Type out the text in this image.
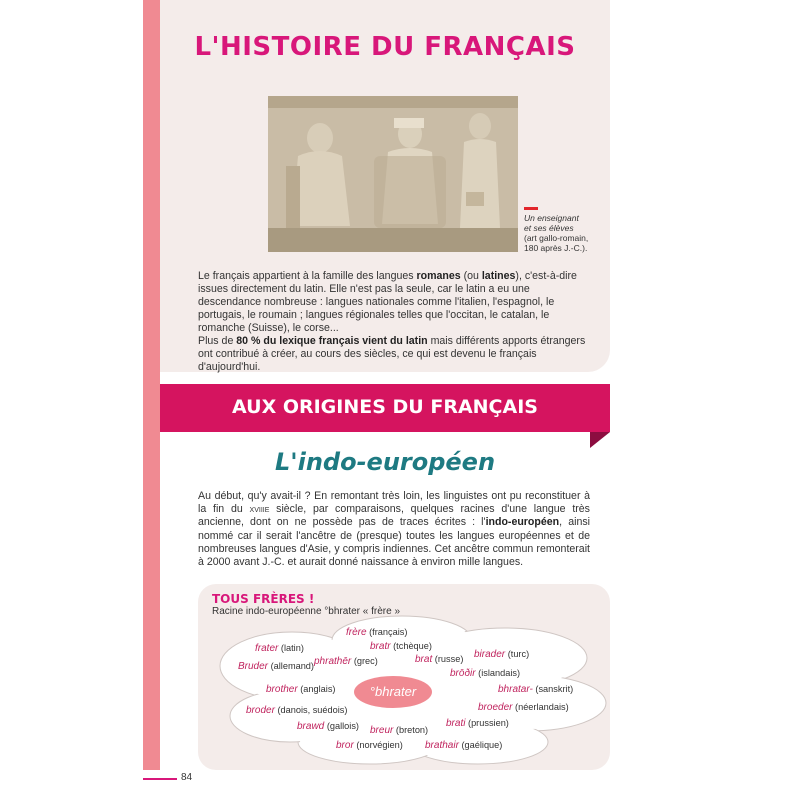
L'HISTOIRE DU FRANÇAIS

Un enseignant
et ses élèves
(art gallo-romain,
180 après J.-C.).

Le français appartient à la famille des langues romanes (ou latines), c'est-à-dire issues directement du latin. Elle n'est pas la seule, car le latin a eu une descendance nombreuse : langues nationales comme l'italien, l'espagnol, le portugais, le roumain ; langues régionales telles que l'occitan, le catalan, le romanche (Suisse), le corse...
Plus de 80 % du lexique français vient du latin mais différents apports étrangers ont contribué à créer, au cours des siècles, ce qui est devenu le français d'aujourd'hui.

AUX ORIGINES DU FRANÇAIS
L'indo-européen

Au début, qu'y avait-il ? En remontant très loin, les linguistes ont pu reconstituer à la fin du xviiie siècle, par comparaisons, quelques racines d'une langue très ancienne, dont on ne possède pas de traces écrites : l'indo-européen, ainsi nommé car il serait l'ancêtre de (presque) toutes les langues européennes et de nombreuses langues d'Asie, y compris indiennes. Cet ancêtre commun remonterait à 2000 avant J.-C. et aurait donné naissance à environ mille langues.

TOUS FRÈRES !

Racine indo-européenne °bhrater « frère »

°bhrater
frère (français)
frater (latin)	bratr (tchèque)
Bruder (allemand) phrathēr (grec)	brat (russe) birader (turc)
brōðir (islandais)
brother (anglais)	bhratar- (sanskrit)
broder (danois, suédois)	broeder (néerlandais)
brawd (gallois) breur (breton)
brati (prussien)
bror (norvégien) brathair (gaélique)

84
